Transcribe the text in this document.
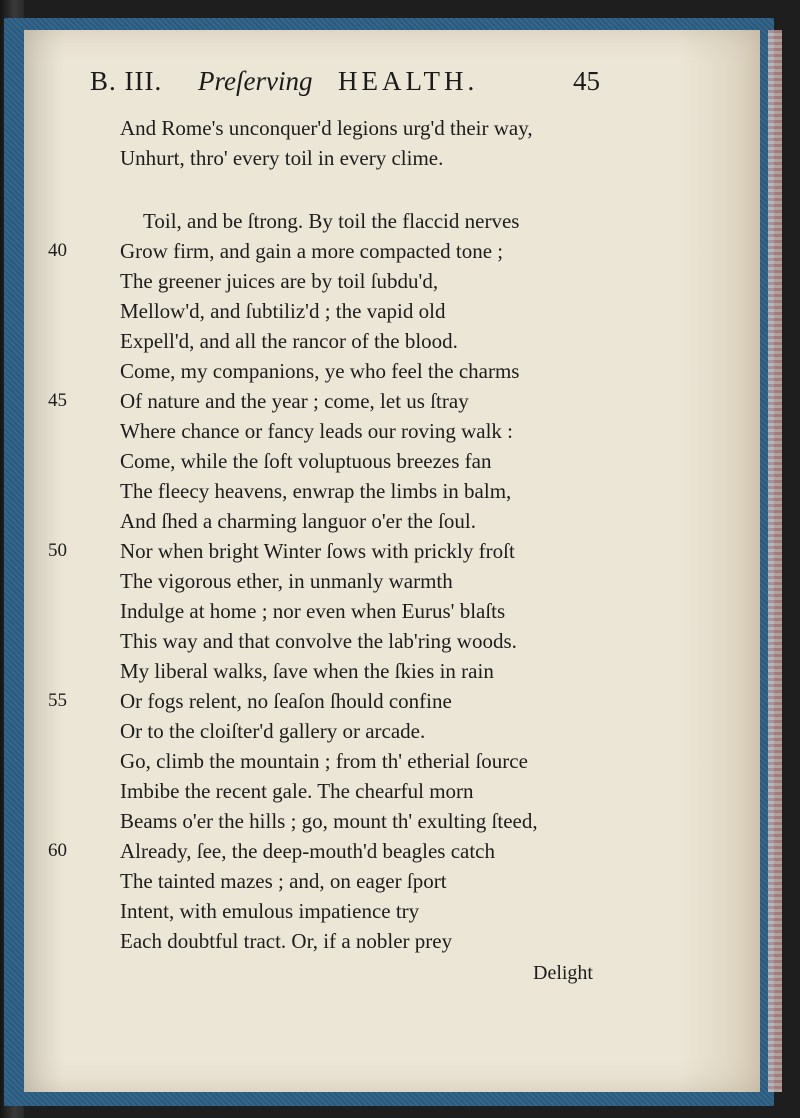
B. III. Preſerving HEALTH.	45
And Rome's unconquer'd legions urg'd their way,
Unhurt, thro' every toil in every clime.
Toil, and be ſtrong. By toil the flaccid nerves
40	Grow firm, and gain a more compacted tone ;
The greener juices are by toil ſubdu'd,
Mellow'd, and ſubtiliz'd ; the vapid old
Expell'd, and all the rancor of the blood.
Come, my companions, ye who feel the charms
45	Of nature and the year ; come, let us ſtray
Where chance or fancy leads our roving walk :
Come, while the ſoft voluptuous breezes fan
The fleecy heavens, enwrap the limbs in balm,
And ſhed a charming languor o'er the ſoul.
50	Nor when bright Winter ſows with prickly froſt
The vigorous ether, in unmanly warmth
Indulge at home ; nor even when Eurus' blaſts
This way and that convolve the lab'ring woods.
My liberal walks, ſave when the ſkies in rain
55	Or fogs relent, no ſeaſon ſhould confine
Or to the cloiſter'd gallery or arcade.
Go, climb the mountain ; from th' etherial ſource
Imbibe the recent gale. The chearful morn
Beams o'er the hills ; go, mount th' exulting ſteed,
60	Already, ſee, the deep-mouth'd beagles catch
The tainted mazes ; and, on eager ſport
Intent, with emulous impatience try
Each doubtful tract. Or, if a nobler prey
Delight
